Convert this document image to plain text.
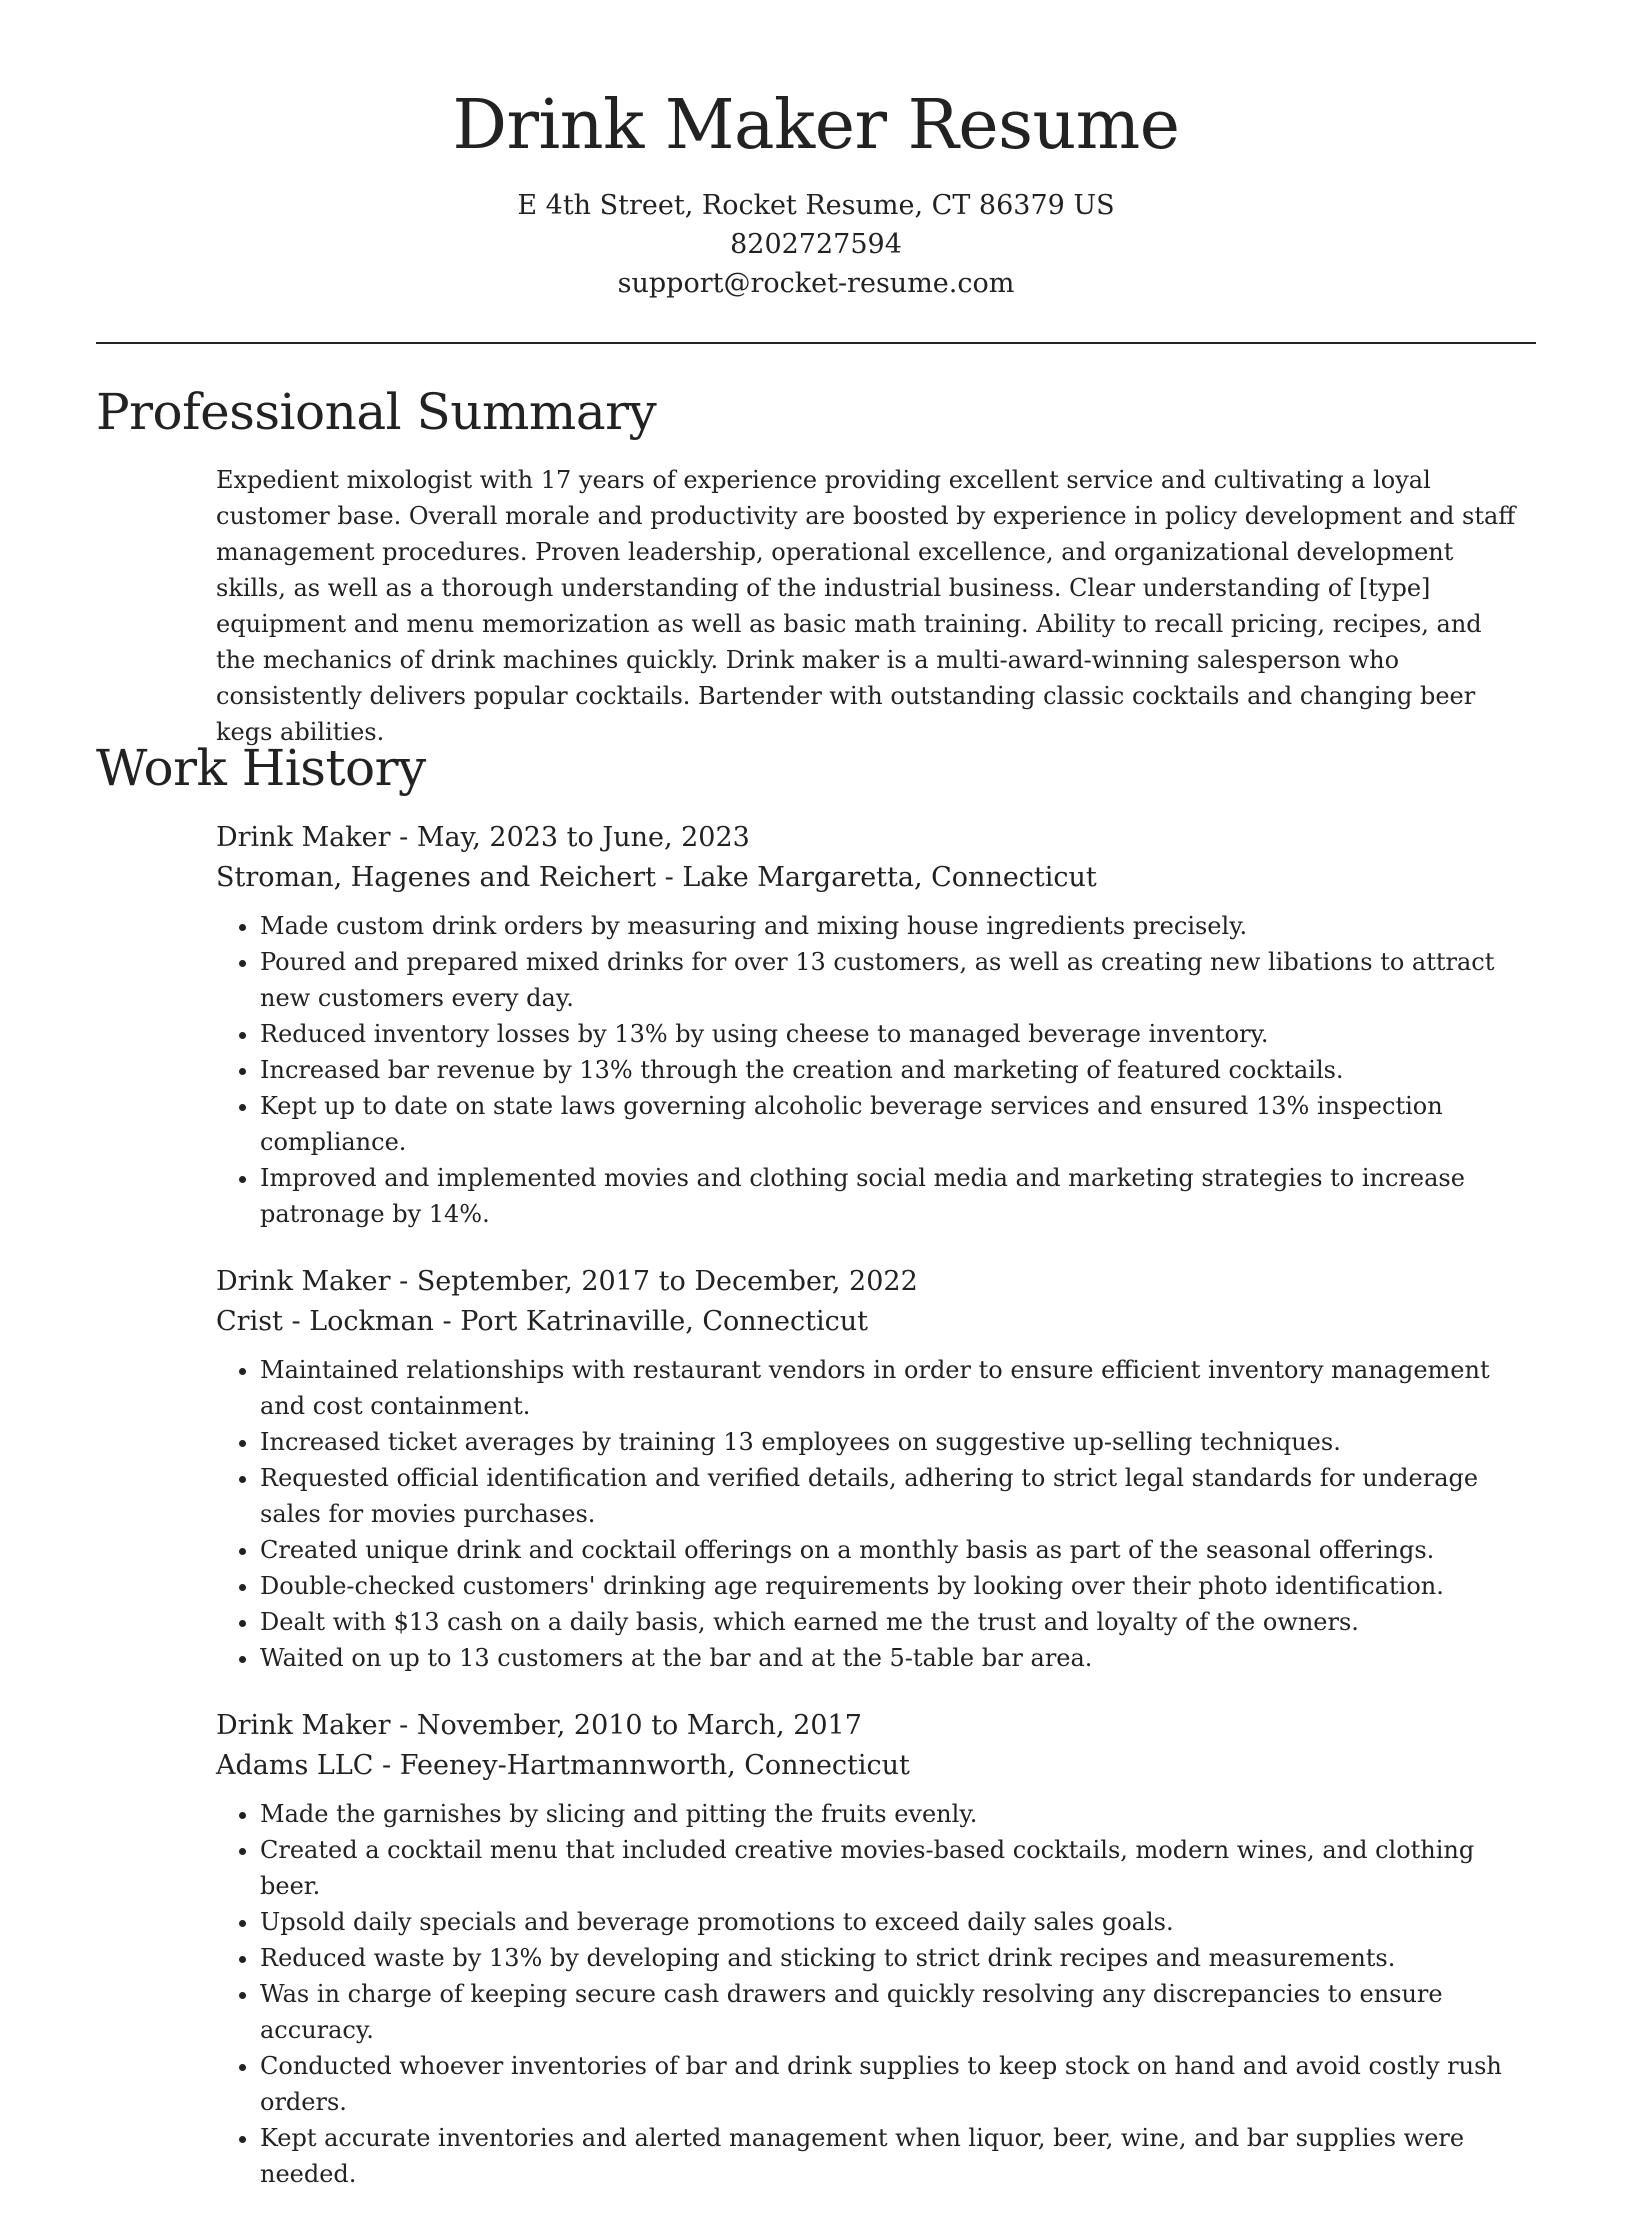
Drink Maker Resume

E 4th Street, Rocket Resume, CT 86379 US

8202727594

support@rocket-resume.com

Professional Summary

Expedient mixologist with 17 years of experience providing excellent service and cultivating a loyal customer base. Overall morale and productivity are boosted by experience in policy development and staff management procedures. Proven leadership, operational excellence, and organizational development skills, as well as a thorough understanding of the industrial business. Clear understanding of [type] equipment and menu memorization as well as basic math training. Ability to recall pricing, recipes, and the mechanics of drink machines quickly. Drink maker is a multi-award-winning salesperson who consistently delivers popular cocktails. Bartender with outstanding classic cocktails and changing beer kegs abilities.

Work History

Drink Maker - May, 2023 to June, 2023

Stroman, Hagenes and Reichert - Lake Margaretta, Connecticut

• Made custom drink orders by measuring and mixing house ingredients precisely.
• Poured and prepared mixed drinks for over 13 customers, as well as creating new libations to attract new customers every day.
• Reduced inventory losses by 13% by using cheese to managed beverage inventory.
• Increased bar revenue by 13% through the creation and marketing of featured cocktails.
• Kept up to date on state laws governing alcoholic beverage services and ensured 13% inspection compliance.
• Improved and implemented movies and clothing social media and marketing strategies to increase patronage by 14%.

Drink Maker - September, 2017 to December, 2022

Crist - Lockman - Port Katrinaville, Connecticut

• Maintained relationships with restaurant vendors in order to ensure efficient inventory management and cost containment.
• Increased ticket averages by training 13 employees on suggestive up-selling techniques.
• Requested official identification and verified details, adhering to strict legal standards for underage sales for movies purchases.
• Created unique drink and cocktail offerings on a monthly basis as part of the seasonal offerings.
• Double-checked customers' drinking age requirements by looking over their photo identification.
• Dealt with $13 cash on a daily basis, which earned me the trust and loyalty of the owners.
• Waited on up to 13 customers at the bar and at the 5-table bar area.

Drink Maker - November, 2010 to March, 2017

Adams LLC - Feeney-Hartmannworth, Connecticut

• Made the garnishes by slicing and pitting the fruits evenly.
• Created a cocktail menu that included creative movies-based cocktails, modern wines, and clothing beer.
• Upsold daily specials and beverage promotions to exceed daily sales goals.
• Reduced waste by 13% by developing and sticking to strict drink recipes and measurements.
• Was in charge of keeping secure cash drawers and quickly resolving any discrepancies to ensure accuracy.
• Conducted whoever inventories of bar and drink supplies to keep stock on hand and avoid costly rush orders.
• Kept accurate inventories and alerted management when liquor, beer, wine, and bar supplies were needed.
